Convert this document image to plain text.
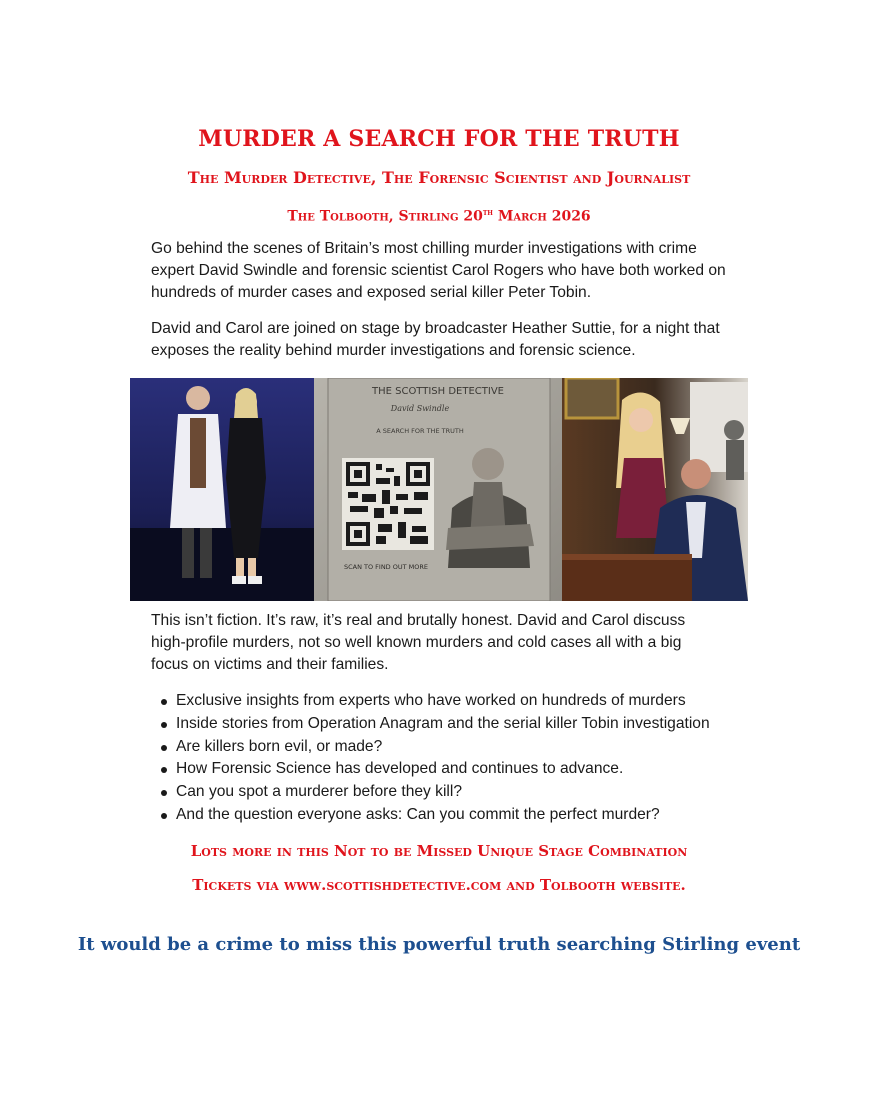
MURDER A SEARCH FOR THE TRUTH
The Murder Detective, The Forensic Scientist and Journalist
The Tolbooth, Stirling 20th March 2026

Go behind the scenes of Britain’s most chilling murder investigations with crime expert David Swindle and forensic scientist Carol Rogers who have both worked on hundreds of murder cases and exposed serial killer Peter Tobin.

David and Carol are joined on stage by broadcaster Heather Suttie, for a night that exposes the reality behind murder investigations and forensic science.

THE SCOTTISH DETECTIVE
David Swindle
A SEARCH FOR THE TRUTH
SCAN TO FIND OUT MORE

This isn’t fiction. It’s raw, it’s real and brutally honest. David and Carol discuss high-profile murders, not so well known murders and cold cases all with a big focus on victims and their families.

Exclusive insights from experts who have worked on hundreds of murders
Inside stories from Operation Anagram and the serial killer Tobin investigation
Are killers born evil, or made?
How Forensic Science has developed and continues to advance.
Can you spot a murderer before they kill?
And the question everyone asks: Can you commit the perfect murder?
Lots more in this Not to be Missed Unique Stage Combination
Tickets via www.scottishdetective.com and Tolbooth website.
It would be a crime to miss this powerful truth searching Stirling event
